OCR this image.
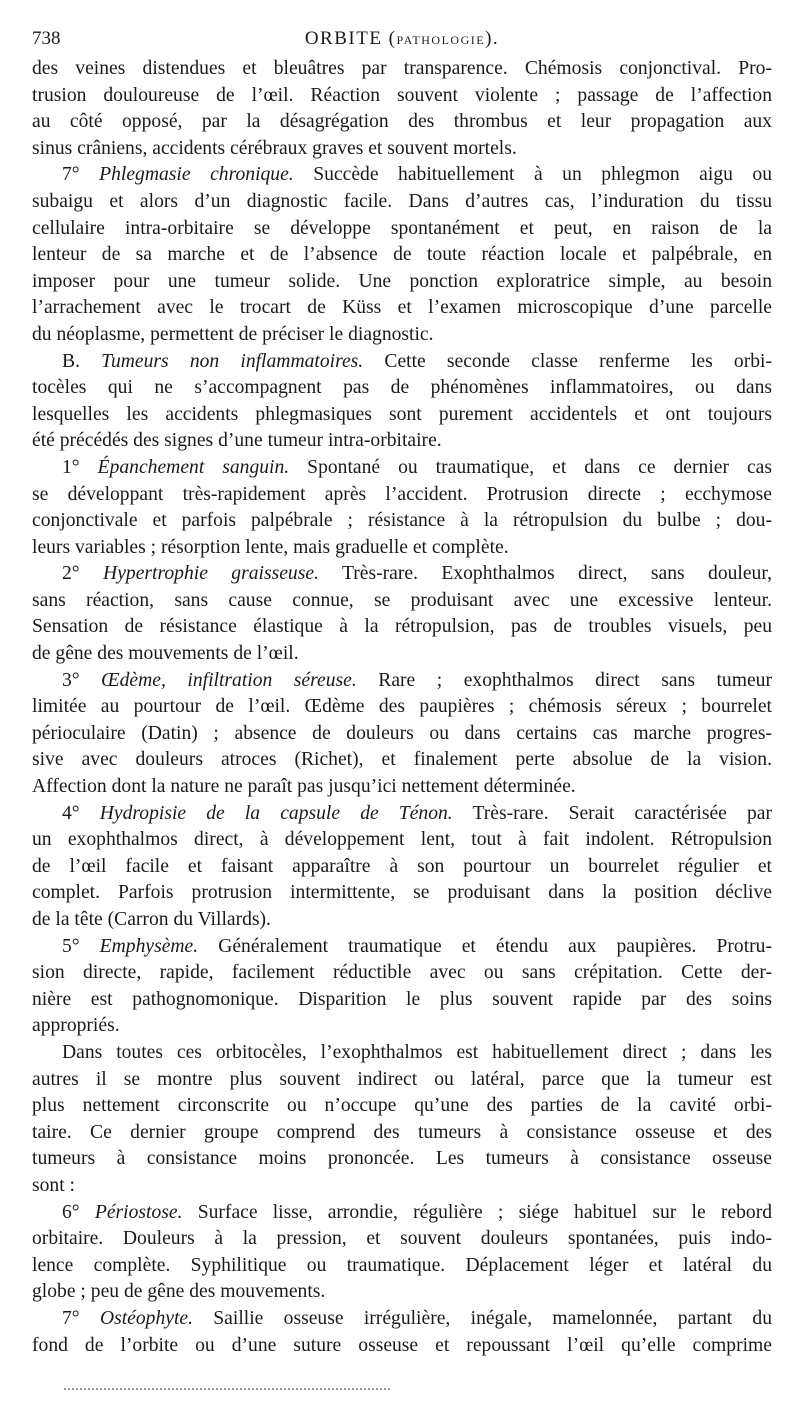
738	ORBITE (PATHOLOGIE).
des veines distendues et bleuâtres par transparence. Chémosis conjonctival. Pro-
trusion douloureuse de l’œil. Réaction souvent violente ; passage de l’affection
au côté opposé, par la désagrégation des thrombus et leur propagation aux
sinus crâniens, accidents cérébraux graves et souvent mortels.
7° Phlegmasie chronique. Succède habituellement à un phlegmon aigu ou
subaigu et alors d’un diagnostic facile. Dans d’autres cas, l’induration du tissu
cellulaire intra-orbitaire se développe spontanément et peut, en raison de la
lenteur de sa marche et de l’absence de toute réaction locale et palpébrale, en
imposer pour une tumeur solide. Une ponction exploratrice simple, au besoin
l’arrachement avec le trocart de Küss et l’examen microscopique d’une parcelle
du néoplasme, permettent de préciser le diagnostic.
B. Tumeurs non inflammatoires. Cette seconde classe renferme les orbi-
tocèles qui ne s’accompagnent pas de phénomènes inflammatoires, ou dans
lesquelles les accidents phlegmasiques sont purement accidentels et ont toujours
été précédés des signes d’une tumeur intra-orbitaire.
1° Épanchement sanguin. Spontané ou traumatique, et dans ce dernier cas
se développant très-rapidement après l’accident. Protrusion directe ; ecchymose
conjonctivale et parfois palpébrale ; résistance à la rétropulsion du bulbe ; dou-
leurs variables ; résorption lente, mais graduelle et complète.
2° Hypertrophie graisseuse. Très-rare. Exophthalmos direct, sans douleur,
sans réaction, sans cause connue, se produisant avec une excessive lenteur.
Sensation de résistance élastique à la rétropulsion, pas de troubles visuels, peu
de gêne des mouvements de l’œil.
3° Œdème, infiltration séreuse. Rare ; exophthalmos direct sans tumeur
limitée au pourtour de l’œil. Œdème des paupières ; chémosis séreux ; bourrelet
périoculaire (Datin) ; absence de douleurs ou dans certains cas marche progres-
sive avec douleurs atroces (Richet), et finalement perte absolue de la vision.
Affection dont la nature ne paraît pas jusqu’ici nettement déterminée.
4° Hydropisie de la capsule de Ténon. Très-rare. Serait caractérisée par
un exophthalmos direct, à développement lent, tout à fait indolent. Rétropulsion
de l’œil facile et faisant apparaître à son pourtour un bourrelet régulier et
complet. Parfois protrusion intermittente, se produisant dans la position déclive
de la tête (Carron du Villards).
5° Emphysème. Généralement traumatique et étendu aux paupières. Protru-
sion directe, rapide, facilement réductible avec ou sans crépitation. Cette der-
nière est pathognomonique. Disparition le plus souvent rapide par des soins
appropriés.
Dans toutes ces orbitocèles, l’exophthalmos est habituellement direct ; dans les
autres il se montre plus souvent indirect ou latéral, parce que la tumeur est
plus nettement circonscrite ou n’occupe qu’une des parties de la cavité orbi-
taire. Ce dernier groupe comprend des tumeurs à consistance osseuse et des
tumeurs à consistance moins prononcée. Les tumeurs à consistance osseuse
sont :
6° Périostose. Surface lisse, arrondie, régulière ; siége habituel sur le rebord
orbitaire. Douleurs à la pression, et souvent douleurs spontanées, puis indo-
lence complète. Syphilitique ou traumatique. Déplacement léger et latéral du
globe ; peu de gêne des mouvements.
7° Ostéophyte. Saillie osseuse irrégulière, inégale, mamelonnée, partant du
fond de l’orbite ou d’une suture osseuse et repoussant l’œil qu’elle comprime
